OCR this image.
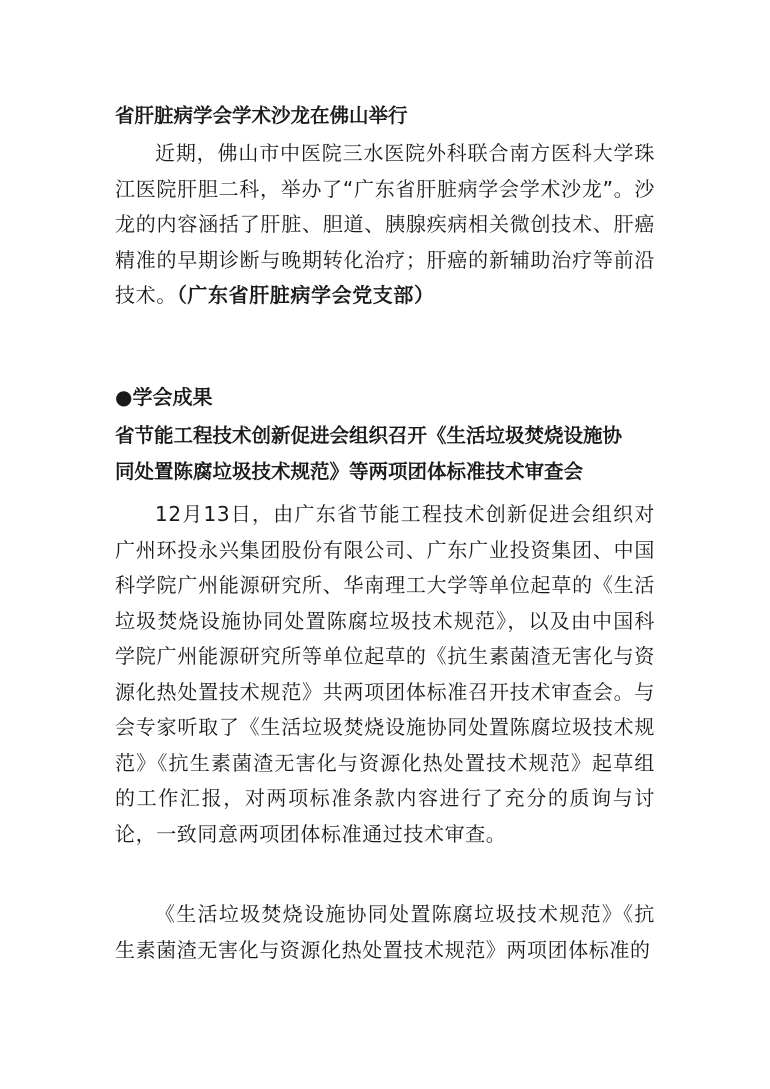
省肝脏病学会学术沙龙在佛山举行
近期，佛山市中医院三水医院外科联合南方医科大学珠江医院肝胆二科，举办了“广东省肝脏病学会学术沙龙”。沙龙的内容涵括了肝脏、胆道、胰腺疾病相关微创技术、肝癌精准的早期诊断与晚期转化治疗；肝癌的新辅助治疗等前沿技术。（广东省肝脏病学会党支部）
●学会成果
省节能工程技术创新促进会组织召开《生活垃圾焚烧设施协
同处置陈腐垃圾技术规范》等两项团体标准技术审查会
12月13日，由广东省节能工程技术创新促进会组织对广州环投永兴集团股份有限公司、广东广业投资集团、中国科学院广州能源研究所、华南理工大学等单位起草的《生活垃圾焚烧设施协同处置陈腐垃圾技术规范》，以及由中国科学院广州能源研究所等单位起草的《抗生素菌渣无害化与资源化热处置技术规范》共两项团体标准召开技术审查会。与会专家听取了《生活垃圾焚烧设施协同处置陈腐垃圾技术规范》《抗生素菌渣无害化与资源化热处置技术规范》起草组的工作汇报，对两项标准条款内容进行了充分的质询与讨论，一致同意两项团体标准通过技术审查。
《生活垃圾焚烧设施协同处置陈腐垃圾技术规范》《抗生素菌渣无害化与资源化热处置技术规范》两项团体标准的
